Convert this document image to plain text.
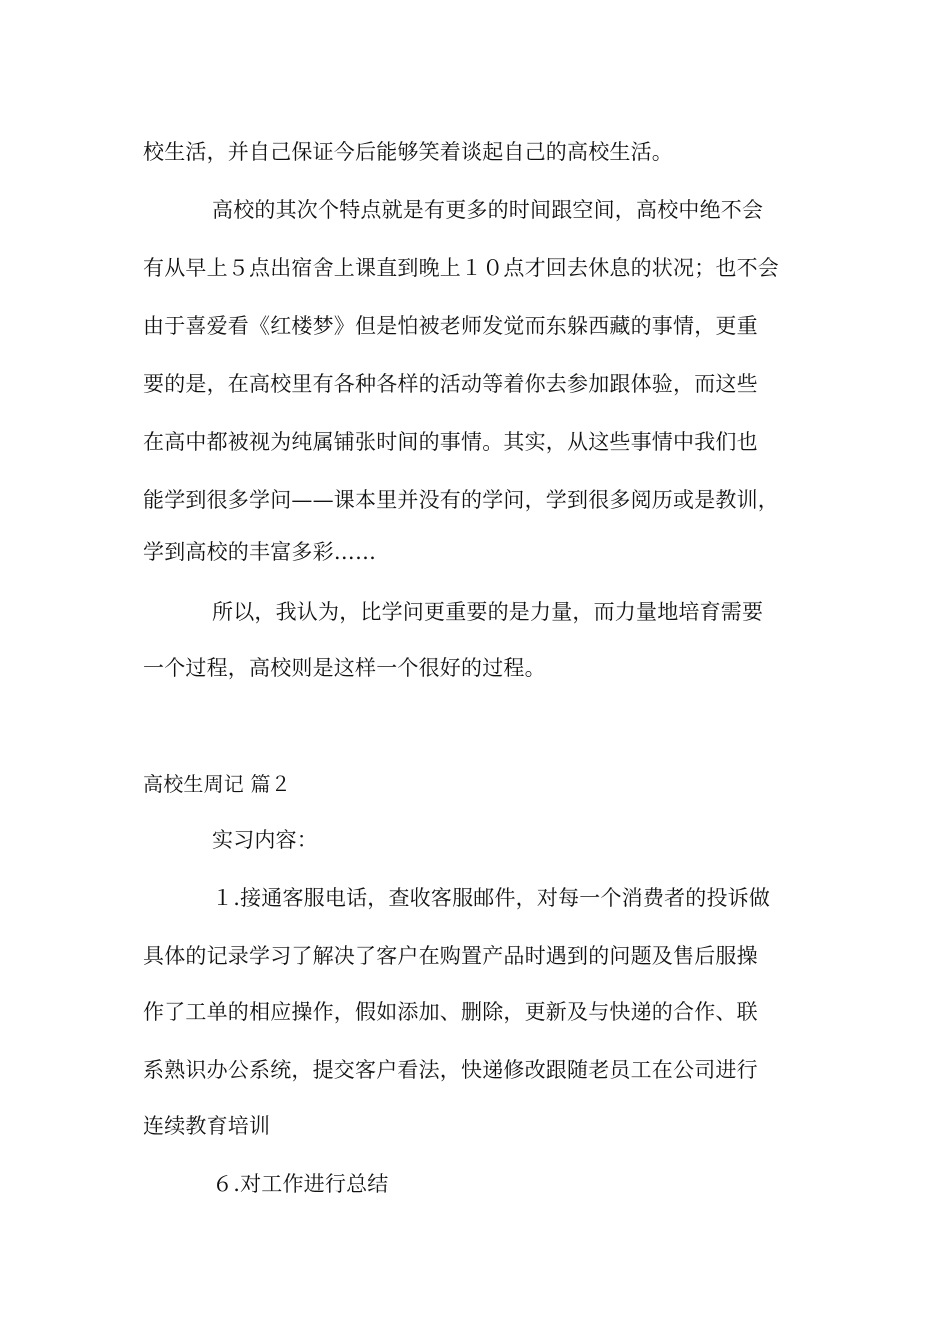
校生活，并自己保证今后能够笑着谈起自己的高校生活。
高校的其次个特点就是有更多的时间跟空间，高校中绝不会
有从早上５点出宿舍上课直到晚上１０点才回去休息的状况；也不会
由于喜爱看《红楼梦》但是怕被老师发觉而东躲西藏的事情，更重
要的是，在高校里有各种各样的活动等着你去参加跟体验，而这些
在高中都被视为纯属铺张时间的事情。其实，从这些事情中我们也
能学到很多学问——课本里并没有的学问，学到很多阅历或是教训，
学到高校的丰富多彩……
所以，我认为，比学问更重要的是力量，而力量地培育需要
一个过程，高校则是这样一个很好的过程。
高校生周记 篇２
实习内容：
１.接通客服电话，查收客服邮件，对每一个消费者的投诉做
具体的记录学习了解决了客户在购置产品时遇到的问题及售后服操
作了工单的相应操作，假如添加、删除，更新及与快递的合作、联
系熟识办公系统，提交客户看法，快递修改跟随老员工在公司进行
连续教育培训
６.对工作进行总结
